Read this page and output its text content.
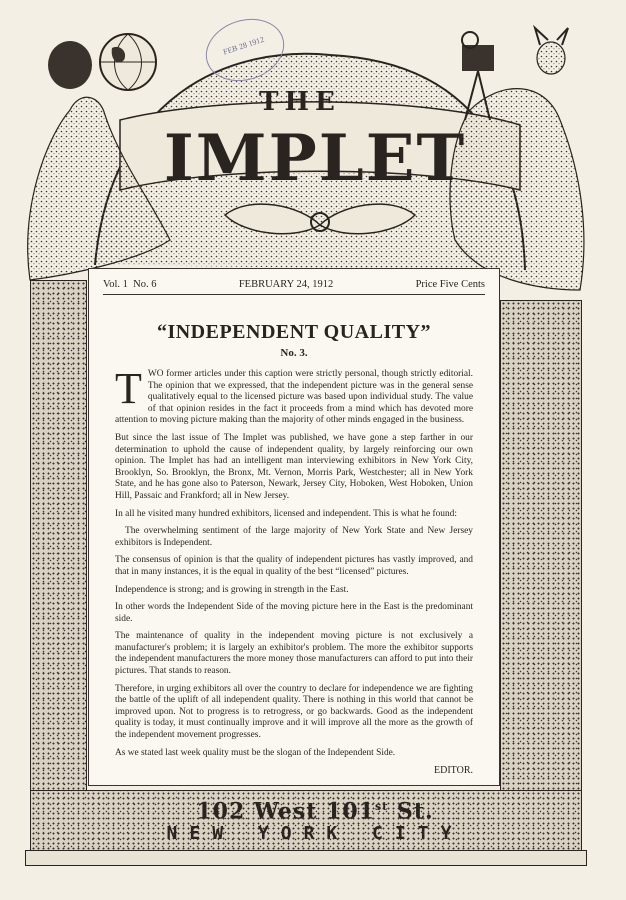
THE
IMPLET
FEB 28 1912
Vol. 1 No. 6	FEBRUARY 24, 1912	Price Five Cents
“INDEPENDENT QUALITY”
No. 3.

TWO former articles under this caption were strictly personal, though strictly editorial. The opinion that we expressed, that the independent picture was in the general sense qualitatively equal to the licensed picture was based upon individual study. The value of that opinion resides in the fact it proceeds from a mind which has devoted more attention to moving picture making than the majority of other minds engaged in the business.

But since the last issue of The Implet was published, we have gone a step farther in our determination to uphold the cause of independent quality, by largely reinforcing our own opinion. The Implet has had an intelligent man interviewing exhibitors in New York City, Brooklyn, So. Brooklyn, the Bronx, Mt. Vernon, Morris Park, Westchester; all in New York State, and he has gone also to Paterson, Newark, Jersey City, Hoboken, West Hoboken, Union Hill, Passaic and Frankford; all in New Jersey.

In all he visited many hundred exhibitors, licensed and independent. This is what he found:

The overwhelming sentiment of the large majority of New York State and New Jersey exhibitors is Independent.

The consensus of opinion is that the quality of independent pictures has vastly improved, and that in many instances, it is the equal in quality of the best “licensed” pictures.

Independence is strong; and is growing in strength in the East.

In other words the Independent Side of the moving picture here in the East is the predominant side.

The maintenance of quality in the independent moving picture is not exclusively a manufacturer's problem; it is largely an exhibitor's problem. The more the exhibitor supports the independent manufacturers the more money those manufacturers can afford to put into their pictures. That stands to reason.

Therefore, in urging exhibitors all over the country to declare for independence we are fighting the battle of the uplift of all independent quality. There is nothing in this world that cannot be improved upon. Not to progress is to retrogress, or go backwards. Good as the independent quality is today, it must continually improve and it will improve all the more as the growth of the independent movement progresses.

As we stated last week quality must be the slogan of the Independent Side.

EDITOR.
102 West 101st St.
NEW YORK CITY
